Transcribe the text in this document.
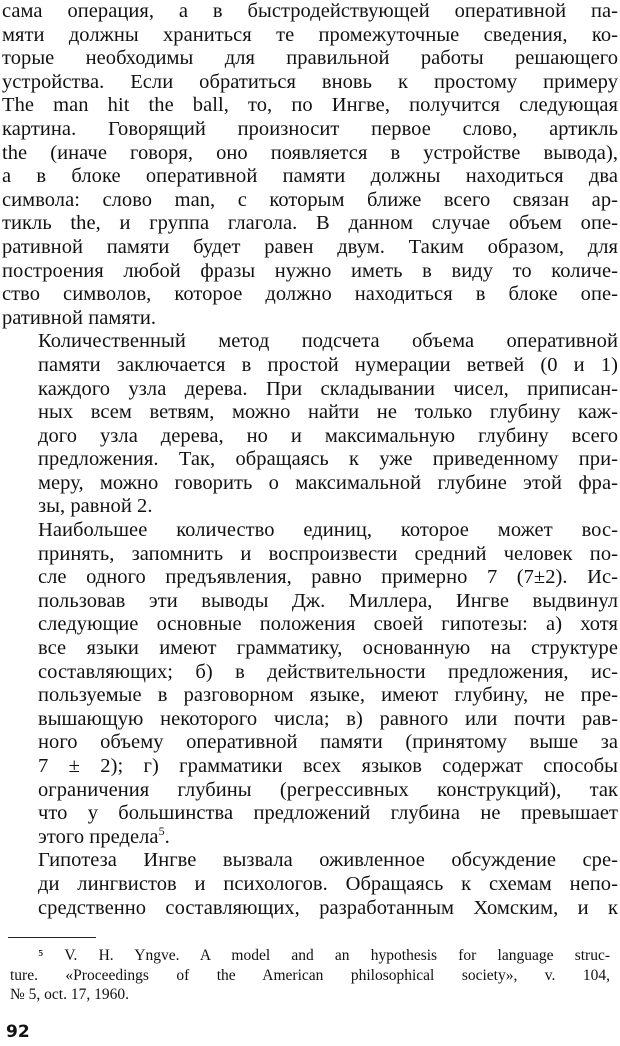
сама операция, а в быстродействующей оперативной па-
мяти должны храниться те промежуточные сведения, ко-
торые необходимы для правильной работы решающего
устройства. Если обратиться вновь к простому примеру
The man hit the ball, то, по Ингве, получится следующая
картина. Говорящий произносит первое слово, артикль
the (иначе говоря, оно появляется в устройстве вывода),
а в блоке оперативной памяти должны находиться два
символа: слово man, с которым ближе всего связан ар-
тикль the, и группа глагола. В данном случае объем опе-
ративной памяти будет равен двум. Таким образом, для
построения любой фразы нужно иметь в виду то количе-
ство символов, которое должно находиться в блоке опе-
ративной памяти.

Количественный метод подсчета объема оперативной
памяти заключается в простой нумерации ветвей (0 и 1)
каждого узла дерева. При складывании чисел, приписан-
ных всем ветвям, можно найти не только глубину каж-
дого узла дерева, но и максимальную глубину всего
предложения. Так, обращаясь к уже приведенному при-
меру, можно говорить о максимальной глубине этой фра-
зы, равной 2.

Наибольшее количество единиц, которое может вос-
принять, запомнить и воспроизвести средний человек по-
сле одного предъявления, равно примерно 7 (7±2). Ис-
пользовав эти выводы Дж. Миллера, Ингве выдвинул
следующие основные положения своей гипотезы: а) хотя
все языки имеют грамматику, основанную на структуре
составляющих; б) в действительности предложения, ис-
пользуемые в разговорном языке, имеют глубину, не пре-
вышающую некоторого числа; в) равного или почти рав-
ного объему оперативной памяти (принятому выше за
7 ± 2); г) грамматики всех языков содержат способы
ограничения глубины (регрессивных конструкций), так
что у большинства предложений глубина не превышает
этого предела$^5$.

Гипотеза Ингве вызвала оживленное обсуждение сре-
ди лингвистов и психологов. Обращаясь к схемам непо-
средственно составляющих, разработанным Хомским, и к

⁵ V. H. Yngve. A model and an hypothesis for language struc-
ture. «Proceedings of the American philosophical society», v. 104,
№ 5, oct. 17, 1960.
92
